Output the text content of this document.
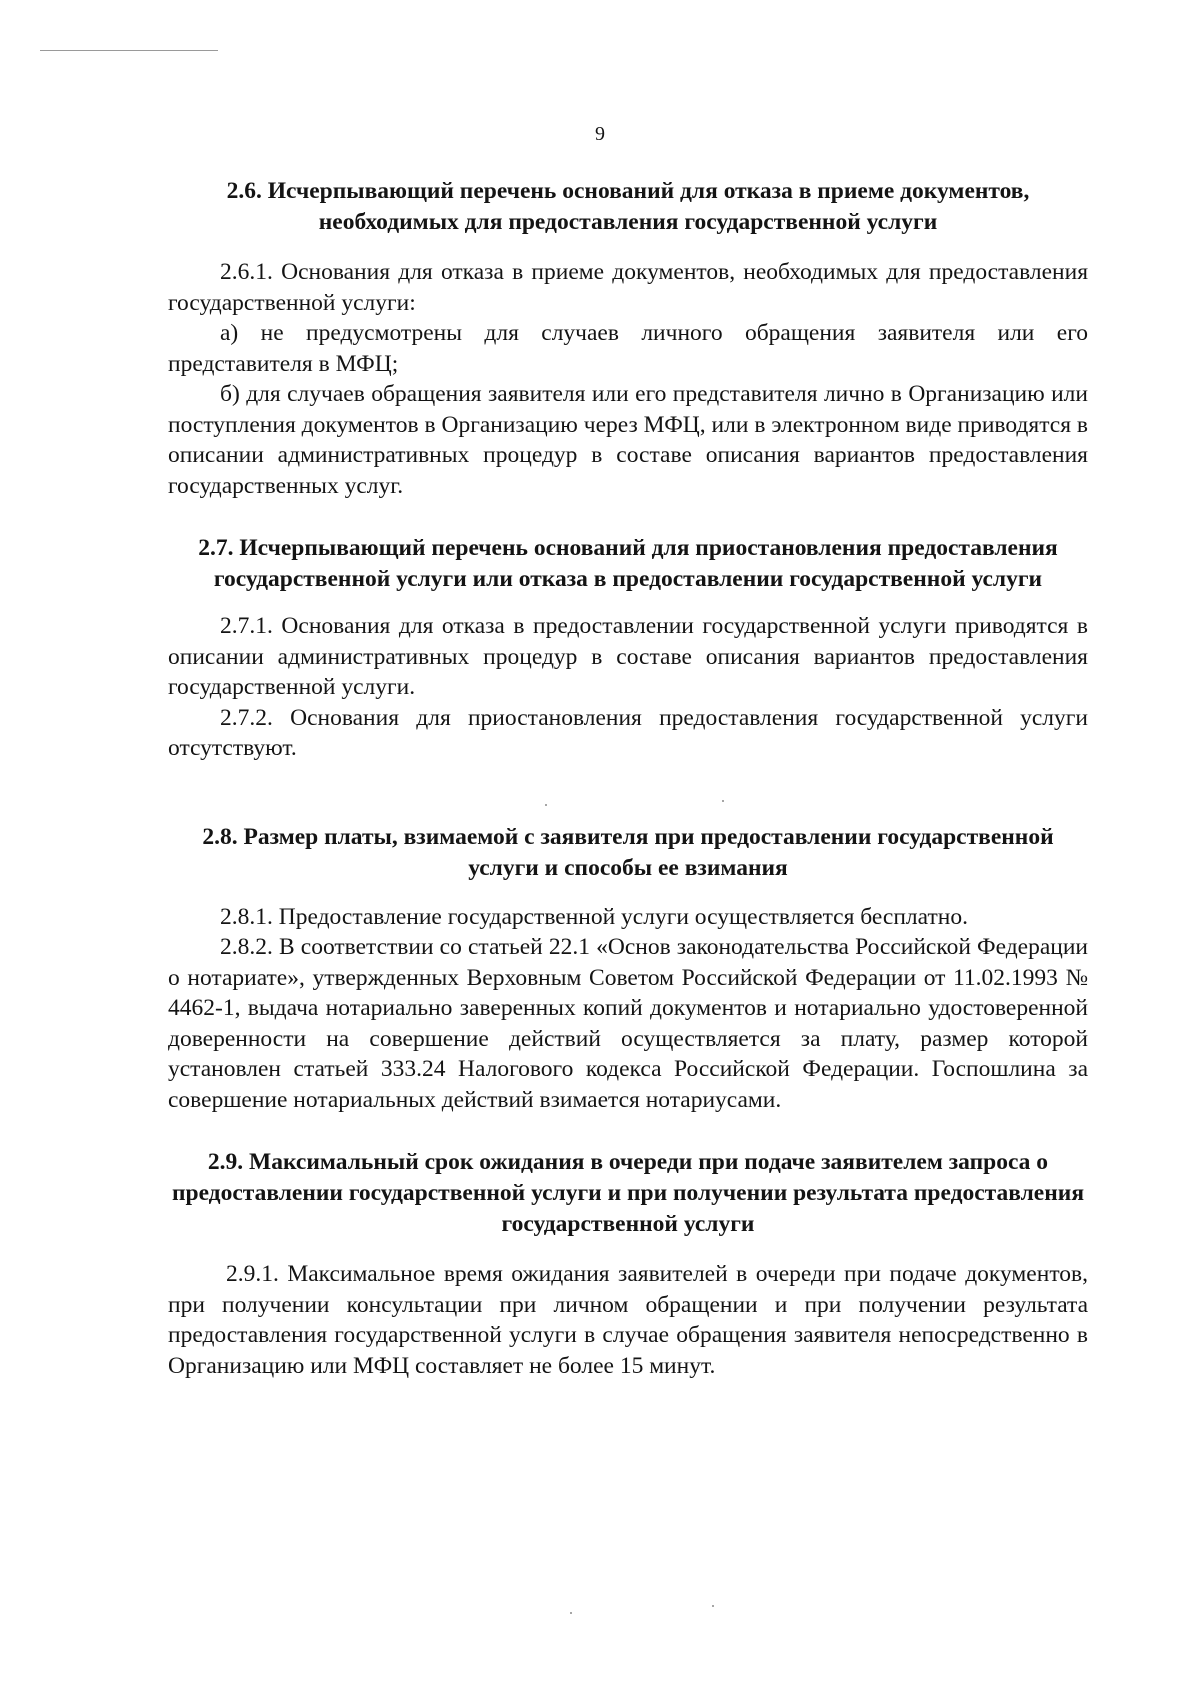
9
2.6. Исчерпывающий перечень оснований для отказа в приеме документов, необходимых для предоставления государственной услуги

2.6.1. Основания для отказа в приеме документов, необходимых для предоставления государственной услуги:

а) не предусмотрены для случаев личного обращения заявителя или его представителя в МФЦ;

б) для случаев обращения заявителя или его представителя лично в Организацию или поступления документов в Организацию через МФЦ, или в электронном виде приводятся в описании административных процедур в составе описания вариантов предоставления государственных услуг.

2.7. Исчерпывающий перечень оснований для приостановления предоставления государственной услуги или отказа в предоставлении государственной услуги

2.7.1. Основания для отказа в предоставлении государственной услуги приводятся в описании административных процедур в составе описания вариантов предоставления государственной услуги.

2.7.2. Основания для приостановления предоставления государственной услуги отсутствуют.

2.8. Размер платы, взимаемой с заявителя при предоставлении государственной услуги и способы ее взимания

2.8.1. Предоставление государственной услуги осуществляется бесплатно.

2.8.2. В соответствии со статьей 22.1 «Основ законодательства Российской Федерации о нотариате», утвержденных Верховным Советом Российской Федерации от 11.02.1993 № 4462-1, выдача нотариально заверенных копий документов и нотариально удостоверенной доверенности на совершение действий осуществляется за плату, размер которой установлен статьей 333.24 Налогового кодекса Российской Федерации. Госпошлина за совершение нотариальных действий взимается нотариусами.

2.9. Максимальный срок ожидания в очереди при подаче заявителем запроса о предоставлении государственной услуги и при получении результата предоставления государственной услуги

2.9.1. Максимальное время ожидания заявителей в очереди при подаче документов, при получении консультации при личном обращении и при получении результата предоставления государственной услуги в случае обращения заявителя непосредственно в Организацию или МФЦ составляет не более 15 минут.
